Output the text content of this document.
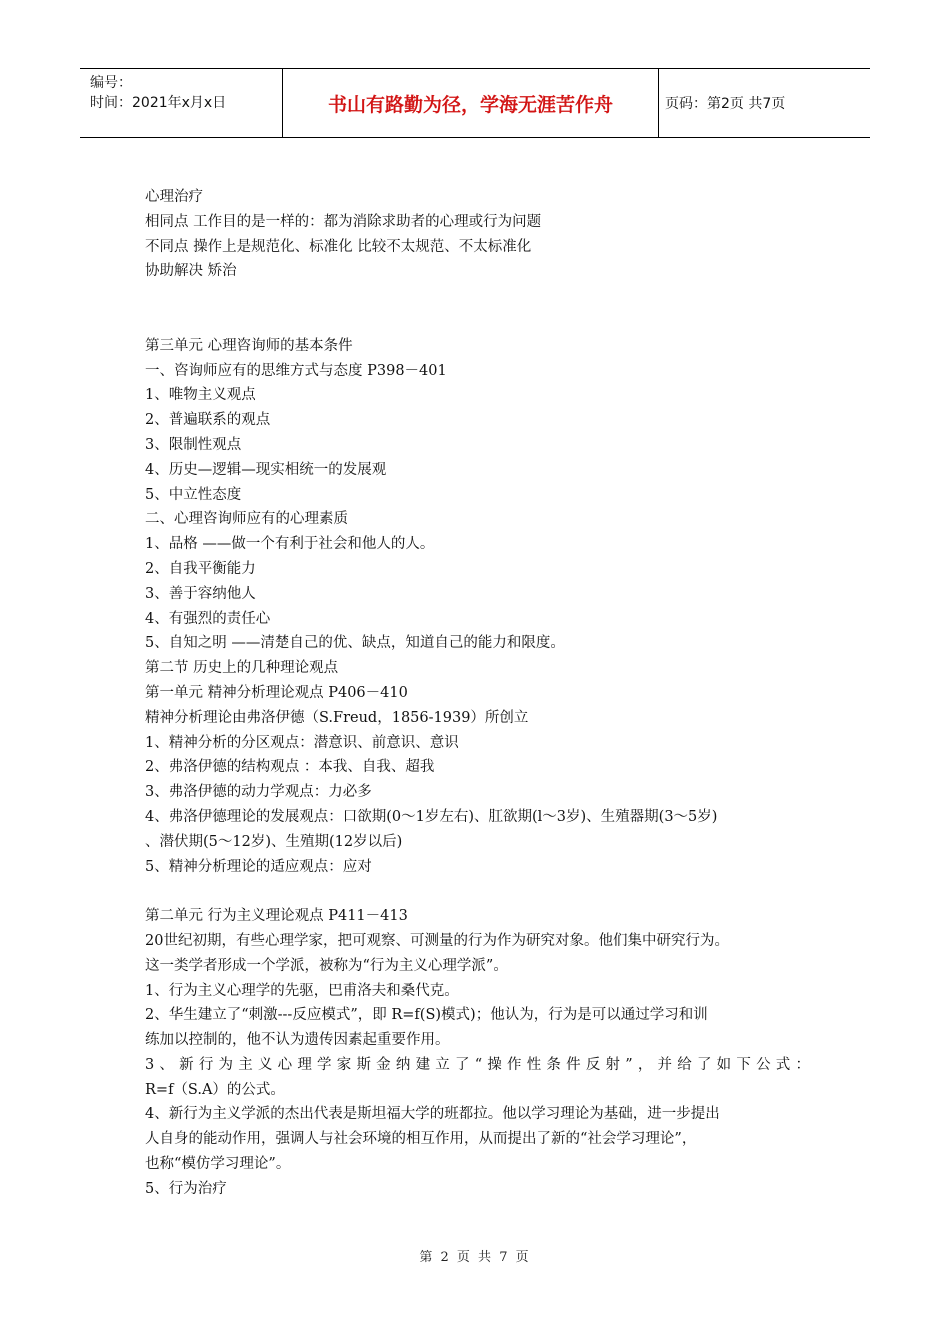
编号：
时间：2021年x月x日	书山有路勤为径，学海无涯苦作舟	页码：第2页 共7页
心理治疗
相同点 工作目的是一样的：都为消除求助者的心理或行为问题
不同点 操作上是规范化、标准化 比较不太规范、不太标准化
协助解决 矫治
第三单元 心理咨询师的基本条件
一、咨询师应有的思维方式与态度 P398－401
1、唯物主义观点
2、普遍联系的观点
3、限制性观点
4、历史—逻辑—现实相统一的发展观
5、中立性态度
二、心理咨询师应有的心理素质
1、品格 ——做一个有利于社会和他人的人。
2、自我平衡能力
3、善于容纳他人
4、有强烈的责任心
5、自知之明 ——清楚自己的优、缺点，知道自己的能力和限度。
第二节 历史上的几种理论观点
第一单元 精神分析理论观点 P406－410
精神分析理论由弗洛伊德（S.Freud，1856-1939）所创立
1、精神分析的分区观点：潜意识、前意识、意识
2、弗洛伊德的结构观点 ：本我、自我、超我
3、弗洛伊德的动力学观点：力必多
4、弗洛伊德理论的发展观点：口欲期(0～1岁左右)、肛欲期(l～3岁)、生殖器期(3～5岁)
、潜伏期(5～12岁)、生殖期(12岁以后)
5、精神分析理论的适应观点：应对
第二单元 行为主义理论观点 P411－413
20世纪初期，有些心理学家，把可观察、可测量的行为作为研究对象。他们集中研究行为。
这一类学者形成一个学派，被称为“行为主义心理学派”。
1、行为主义心理学的先驱，巴甫洛夫和桑代克。
2、华生建立了“刺激---反应模式”，即 R=f(S)模式)；他认为，行为是可以通过学习和训
练加以控制的，他不认为遗传因素起重要作用。
3、新行为主义心理学家斯金纳建立了“操作性条件反射”，并给了如下公式：
R=f（S.A）的公式。
4、新行为主义学派的杰出代表是斯坦福大学的班都拉。他以学习理论为基础，进一步提出
人自身的能动作用，强调人与社会环境的相互作用，从而提出了新的“社会学习理论”，
也称“模仿学习理论”。
5、行为治疗
第 2 页 共 7 页
